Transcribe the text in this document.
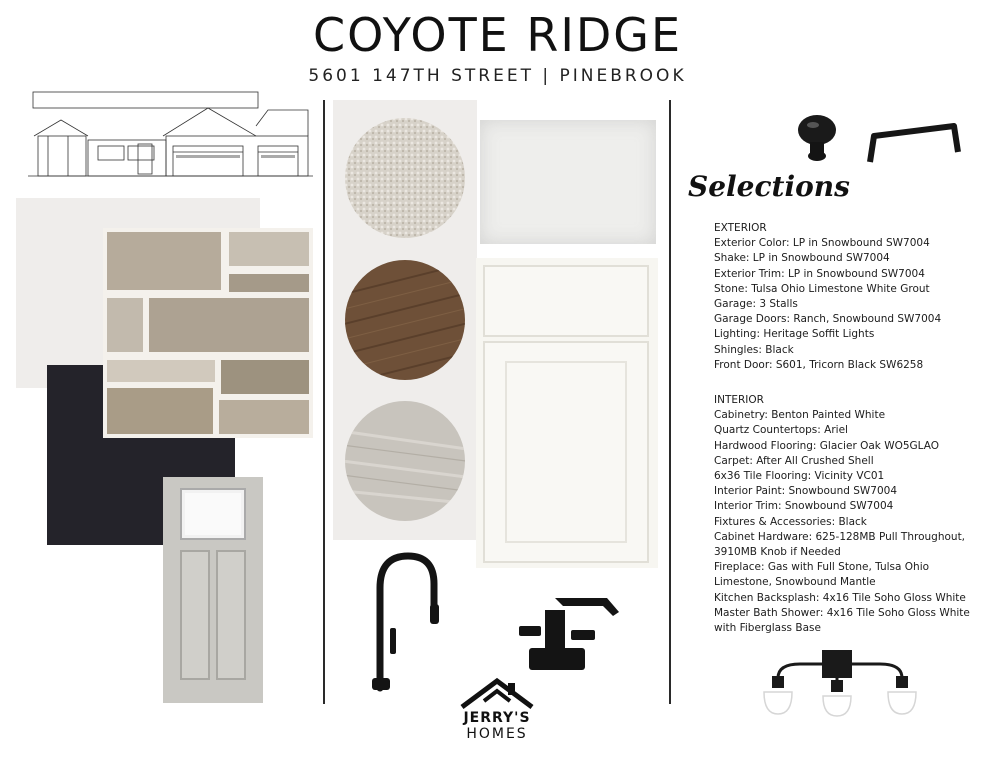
COYOTE RIDGE
5601 147TH STREET | PINEBROOK
Selections
EXTERIOR
Exterior Color: LP in Snowbound SW7004
Shake: LP in Snowbound SW7004
Exterior Trim: LP in Snowbound SW7004
Stone: Tulsa Ohio Limestone White Grout
Garage: 3 Stalls
Garage Doors: Ranch, Snowbound SW7004
Lighting: Heritage Soffit Lights
Shingles: Black
Front Door: S601, Tricorn Black SW6258
INTERIOR
Cabinetry: Benton Painted White
Quartz Countertops: Ariel
Hardwood Flooring: Glacier Oak WO5GLAO
Carpet: After All Crushed Shell
6x36 Tile Flooring: Vicinity VC01
Interior Paint: Snowbound SW7004
Interior Trim: Snowbound SW7004
Fixtures & Accessories: Black
Cabinet Hardware: 625-128MB Pull Throughout, 3910MB Knob if Needed
Fireplace: Gas with Full Stone, Tulsa Ohio Limestone, Snowbound Mantle
Kitchen Backsplash: 4x16 Tile Soho Gloss White
Master Bath Shower: 4x16 Tile Soho Gloss White with Fiberglass Base
JERRY'S
HOMES
